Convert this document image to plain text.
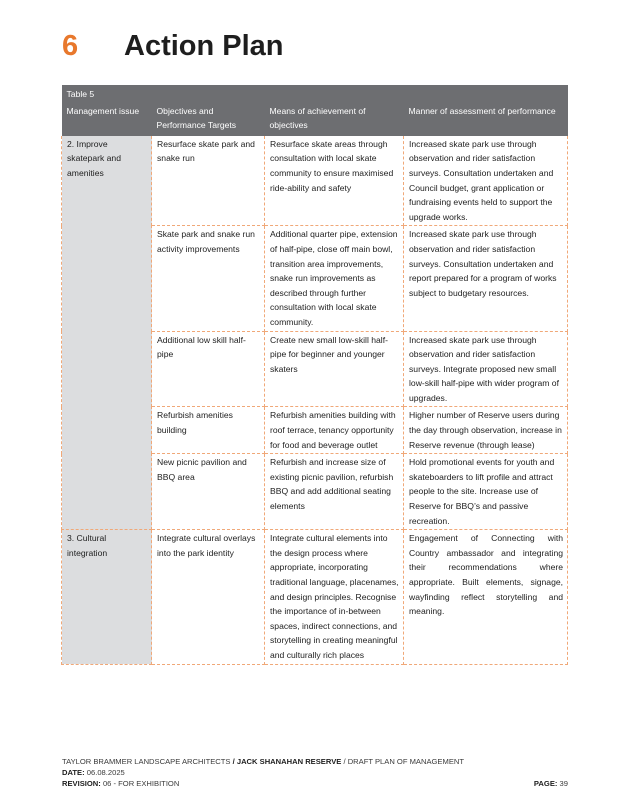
6 Action Plan
Table 5			
Management issue	Objectives and Performance Targets	Means of achievement of objectives	Manner of assessment of performance
2. Improve skatepark and amenities	Resurface skate park and snake run	Resurface skate areas through consultation with local skate community to ensure maximised ride-ability and safety	Increased skate park use through observation and rider satisfaction surveys. Consultation undertaken and Council budget, grant application or fundraising events held to support the upgrade works.
	Skate park and snake run activity improvements	Additional quarter pipe, extension of half-pipe, close off main bowl, transition area improvements, snake run improvements as described through further consultation with local skate community.	Increased skate park use through observation and rider satisfaction surveys. Consultation undertaken and report prepared for a program of works subject to budgetary resources.
	Additional low skill half-pipe	Create new small low-skill half-pipe for beginner and younger skaters	Increased skate park use through observation and rider satisfaction surveys. Integrate proposed new small low-skill half-pipe with wider program of upgrades.
	Refurbish amenities building	Refurbish amenities building with roof terrace, tenancy opportunity for food and beverage outlet	Higher number of Reserve users during the day through observation, increase in Reserve revenue (through lease)
	New picnic pavilion and BBQ area	Refurbish and increase size of existing picnic pavilion, refurbish BBQ and add additional seating elements	Hold promotional events for youth and skateboarders to lift profile and attract people to the site. Increase use of Reserve for BBQ’s and passive recreation.
3. Cultural integration	Integrate cultural overlays into the park identity	Integrate cultural elements into the design process where appropriate, incorporating traditional language, placenames, and design principles. Recognise the importance of in-between spaces, indirect connections, and storytelling in creating meaningful and culturally rich places	Engagement of Connecting with Country ambassador and integrating their recommendations where appropriate. Built elements, signage, wayfinding reflect storytelling and meaning.
TAYLOR BRAMMER LANDSCAPE ARCHITECTS / JACK SHANAHAN RESERVE / DRAFT PLAN OF MANAGEMENT
DATE: 06.08.2025
REVISION: 06 - FOR EXHIBITION	PAGE: 39
